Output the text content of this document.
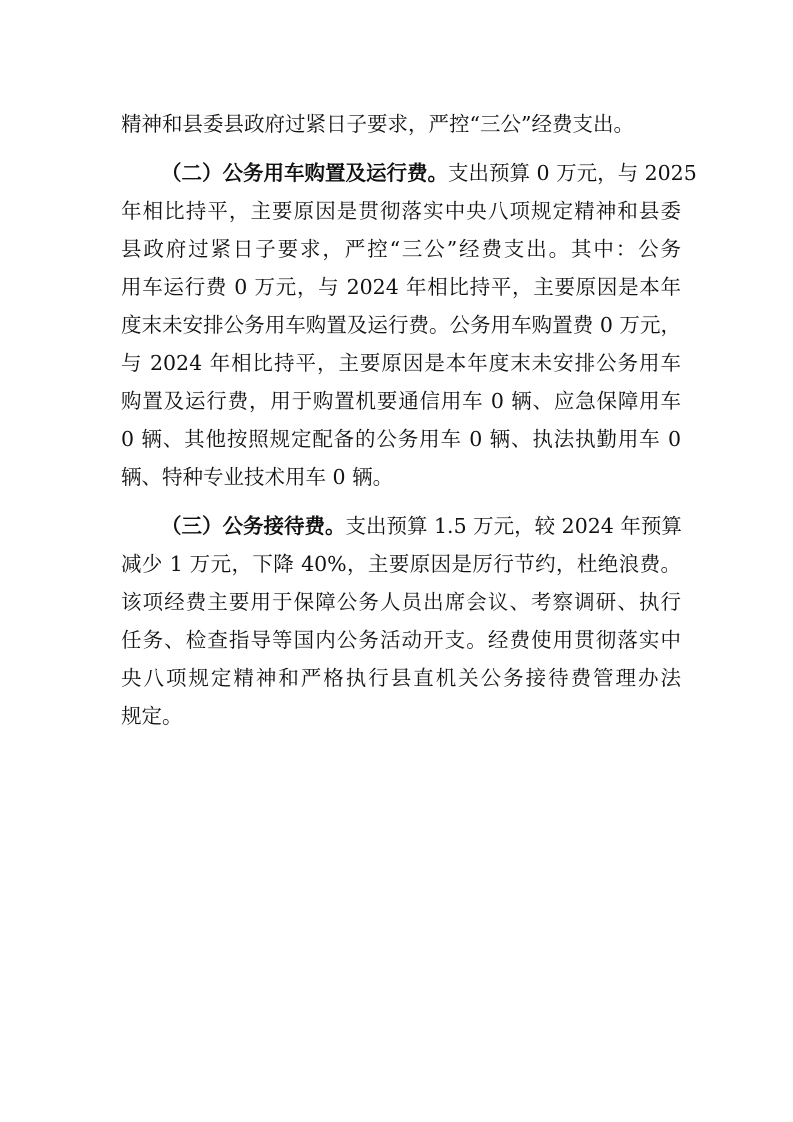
精神和县委县政府过紧日子要求，严控“三公”经费支出。
（二）公务用车购置及运行费。支出预算 0 万元，与 2025
年相比持平，主要原因是贯彻落实中央八项规定精神和县委
县政府过紧日子要求，严控“三公”经费支出。其中：公务
用车运行费 0 万元，与 2024 年相比持平，主要原因是本年
度末未安排公务用车购置及运行费。公务用车购置费 0 万元，
与 2024 年相比持平，主要原因是本年度末未安排公务用车
购置及运行费，用于购置机要通信用车 0 辆、应急保障用车
0 辆、其他按照规定配备的公务用车 0 辆、执法执勤用车 0
辆、特种专业技术用车 0 辆。
（三）公务接待费。支出预算 1.5 万元，较 2024 年预算
减少 1 万元，下降 40%，主要原因是厉行节约，杜绝浪费。
该项经费主要用于保障公务人员出席会议、考察调研、执行
任务、检查指导等国内公务活动开支。经费使用贯彻落实中
央八项规定精神和严格执行县直机关公务接待费管理办法
规定。
